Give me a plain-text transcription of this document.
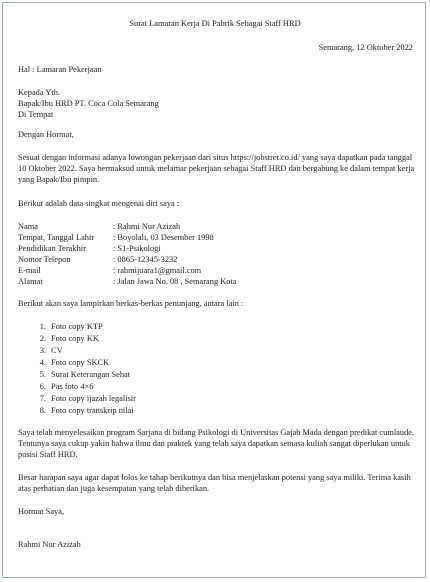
Surat Lamaran Kerja Di Pabrik Sebagai Staff HRD
Semarang, 12 Oktober 2022
Hal : Lamaran Pekerjaan
Kepada Yth.
Bapak/Ibu HRD PT. Coca Cola Semarang
Di Tempat
Dengan Hormat,
Sesuai dengan informasi adanya lowongan pekerjaan dari situs https://jobstret.co.id/ yang saya dapatkan pada tanggal 10 Oktober 2022. Saya bermaksud untuk melamar pekerjaan sebagai Staff HRD dan bergabung ke dalam tempat kerja yang Bapak/Ibu pimpin.
Berikut adalah data singkat mengenai diri saya :
Nama	: Rahmi Nur Azizah
Tempat, Tanggal Lahir : Boyolali, 03 Desember 1998
Pendidikan Terakhir	: S1-Psikologi
Nomor Telepon	: 0865-12345-3232
E-mail	: rahmijuara1@gmail.com
Alamat	: Jalan Jawa No. 08 , Semarang Kota
Berikut akan saya lampirkan berkas-berkas penunjang, antara lain :
1. Foto copy KTP
2. Foto copy KK
3. CV
4. Foto copy SKCK
5. Surat Keterangan Sehat
6. Pas foto 4×6
7. Foto copy ijazah legalisir
8. Foto copy transkrip nilai
Saya telah menyelesaikan program Sarjana di bidang Psikologi di Universitas Gajah Mada dengan predikat cumlaude. Tentunya saya cukup yakin bahwa ilmu dan praktek yang telah saya dapatkan semasa kuliah sangat diperlukan untuk posisi Staff HRD.
Besar harapan saya agar dapat lolos ke tahap berikutnya dan bisa menjelaskan potensi yang saya miliki. Terima kasih atas perhatian dan juga kesempatan yang telah diberikan.
Hormat Saya,
Rahmi Nur Azizah
